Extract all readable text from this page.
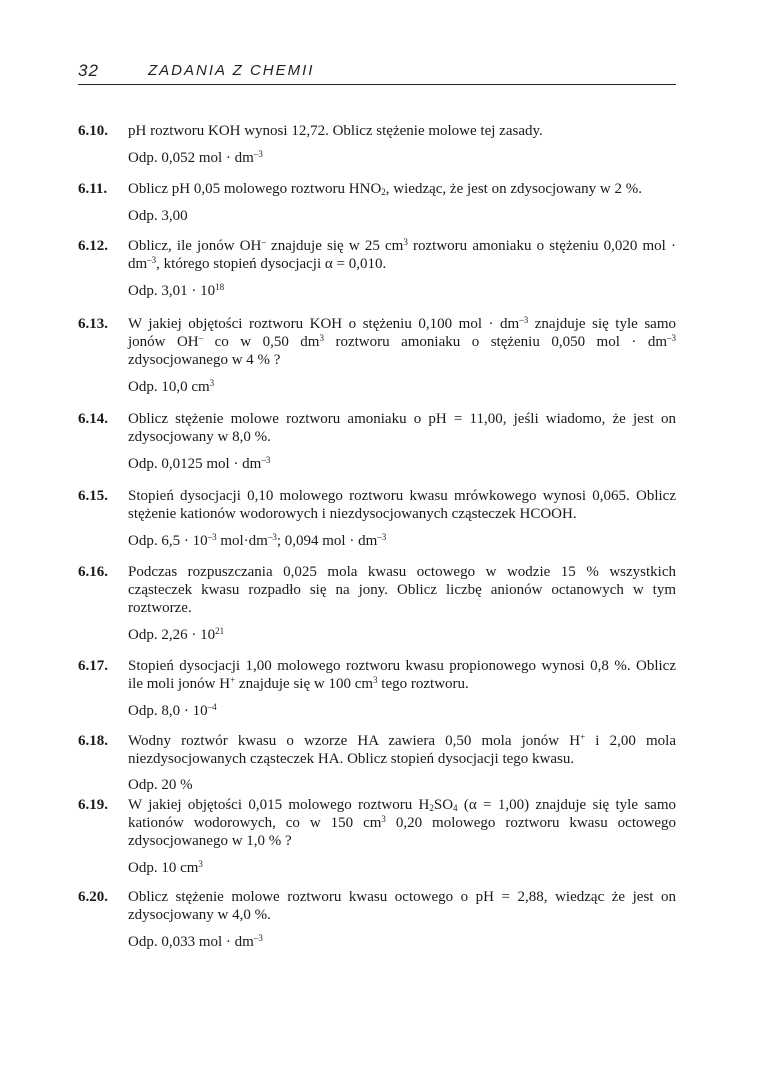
32	ZADANIA Z CHEMII
6.10. pH roztworu KOH wynosi 12,72. Oblicz stężenie molowe tej zasady.
Odp. 0,052 mol · $dm^{-3}$
6.11. Oblicz pH 0,05 molowego roztworu $HNO_2$, wiedząc, że jest on zdysocjowany w 2 %.
Odp. 3,00
6.12. Oblicz, ile jonów OH– znajduje się w 25 $cm^3$ roztworu amoniaku o stężeniu 0,020 mol · $dm^{-3}$, którego stopień dysocjacji α = 0,010.
Odp. $3,01 \cdot 10^{18}$
6.13. W jakiej objętości roztworu KOH o stężeniu 0,100 mol · $dm^{-3}$ znajduje się tyle samo jonów OH– co w 0,50 $dm^3$ roztworu amoniaku o stężeniu 0,050 mol · $dm^{-3}$ zdysocjowanego w 4 % ?
Odp. 10,0 $cm^3$
6.14. Oblicz stężenie molowe roztworu amoniaku o pH = 11,00, jeśli wiadomo, że jest on zdysocjowany w 8,0 %.
Odp. 0,0125 mol · $dm^{-3}$
6.15. Stopień dysocjacji 0,10 molowego roztworu kwasu mrówkowego wynosi 0,065. Oblicz stężenie kationów wodorowych i niezdysocjowanych cząsteczek HCOOH.
Odp. $6,5 \cdot 10^{-3}$ $mol\cdot dm^{-3}$; 0,094 mol · $dm^{-3}$
6.16. Podczas rozpuszczania 0,025 mola kwasu octowego w wodzie 15 % wszystkich cząsteczek kwasu rozpadło się na jony. Oblicz liczbę anionów octanowych w tym roztworze.
Odp. $2,26 \cdot 10^{21}$
6.17. Stopień dysocjacji 1,00 molowego roztworu kwasu propionowego wynosi 0,8 %. Oblicz ile moli jonów H+ znajduje się w 100 $cm^3$ tego roztworu.
Odp. $8,0 \cdot 10^{-4}$
6.18. Wodny roztwór kwasu o wzorze HA zawiera 0,50 mola jonów H+ i 2,00 mola niezdysocjowanych cząsteczek HA. Oblicz stopień dysocjacji tego kwasu.
Odp. 20 %
6.19. W jakiej objętości 0,015 molowego roztworu $H_2SO_4$ (α = 1,00) znajduje się tyle samo kationów wodorowych, co w 150 $cm^3$ 0,20 molowego roztworu kwasu octowego zdysocjowanego w 1,0 % ?
Odp. 10 $cm^3$
6.20. Oblicz stężenie molowe roztworu kwasu octowego o pH = 2,88, wiedząc że jest on zdysocjowany w 4,0 %.
Odp. 0,033 mol · $dm^{-3}$
